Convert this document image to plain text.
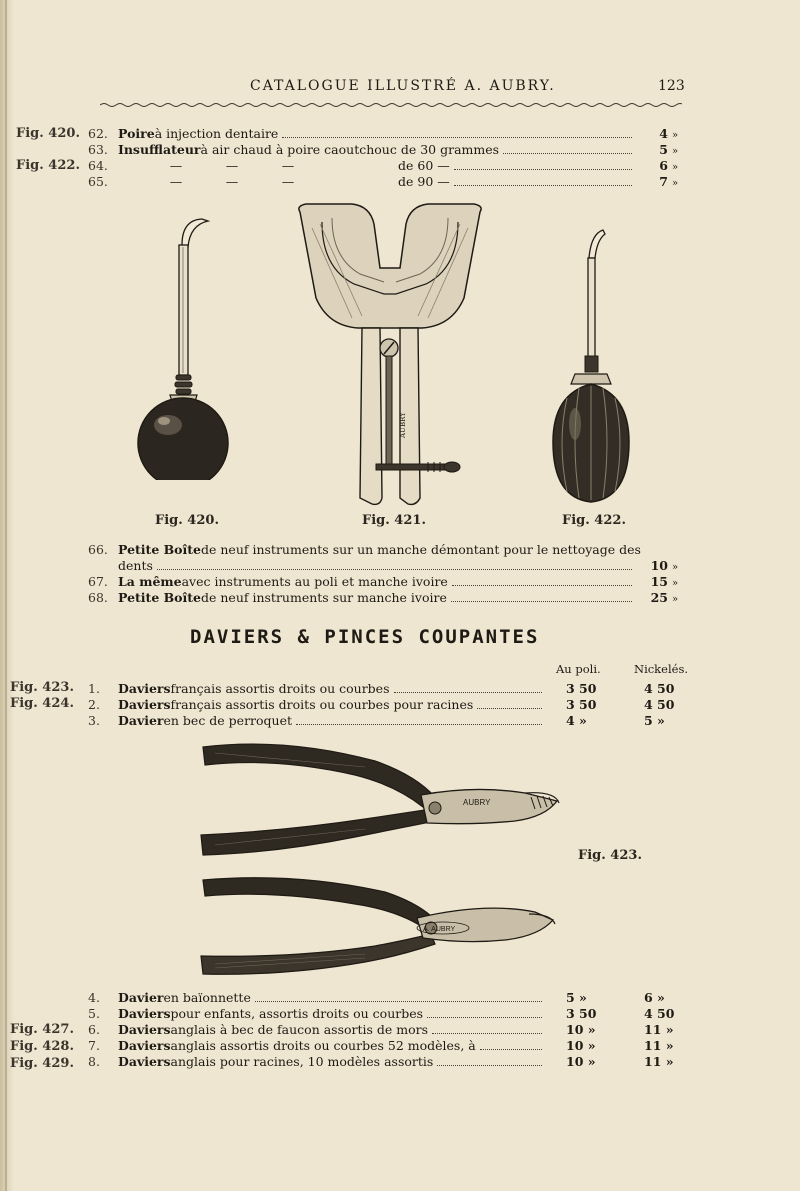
CATALOGUE ILLUSTRÉ A. AUBRY.	123
Fig. 420.
Fig. 422.
62. Poire à injection dentaire	4 »
63. Insufflateur à air chaud à poire caoutchouc de 30 grammes	5 »
64.	—	—	—	de 60 —	6 »
65.	—	—	—	de 90 —	7 »
AUBRY
Fig. 420.	Fig. 421.	Fig. 422.
66. Petite Boîte de neuf instruments sur un manche démontant pour le nettoyage des
dents	10 »
67. La même avec instruments au poli et manche ivoire	15 »
68. Petite Boîte de neuf instruments sur manche ivoire	25 »
DAVIERS & PINCES COUPANTES
Au poli.	Nickelés.
Fig. 423.
Fig. 424.
1.	Daviers français assortis droits ou courbes	3 50	4 50
2.	Daviers français assortis droits ou courbes pour racines	3 50	4 50
3.	Davier en bec de perroquet	4 »	5 »
AUBRY
Fig. 423.
A. AUBRY
Fig. 427.
Fig. 428.
Fig. 429.
4.	Davier en baïonnette	5 »	6 »
5.	Daviers pour enfants, assortis droits ou courbes	3 50	4 50
6.	Daviers anglais à bec de faucon assortis de mors	10 »	11 »
7.	Daviers anglais assortis droits ou courbes 52 modèles, à	10 »	11 »
8.	Daviers anglais pour racines, 10 modèles assortis	10 »	11 »
